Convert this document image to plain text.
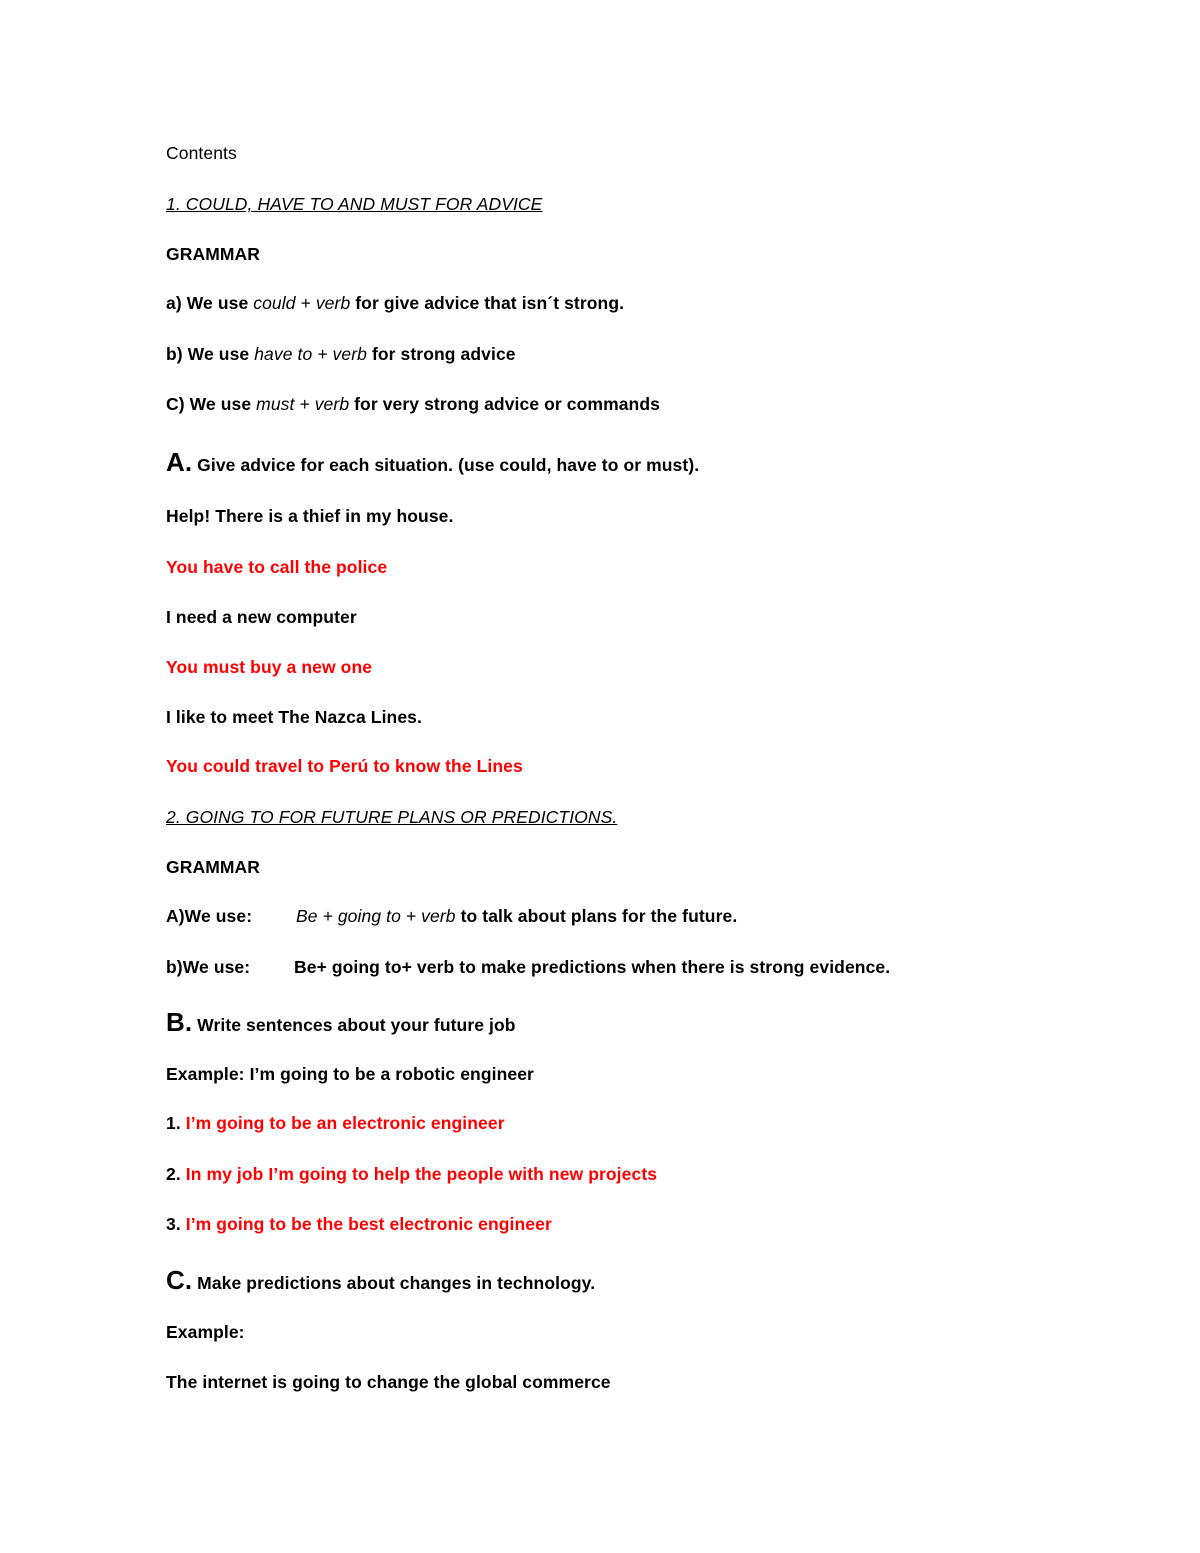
Contents
1. COULD, HAVE TO AND MUST FOR ADVICE
GRAMMAR
a) We use could + verb for give advice that isn´t strong.
b) We use have to + verb for strong advice
C) We use must + verb for very strong advice or commands
A. Give advice for each situation. (use could, have to or must).
Help! There is a thief in my house.
You have to call the police
I need a new computer
You must buy a new one
I like to meet The Nazca Lines.
You could travel to Perú to know the Lines
2. GOING TO FOR FUTURE PLANS OR PREDICTIONS.
GRAMMAR
A)We use:	Be + going to + verb to talk about plans for the future.
b)We use:	Be+ going to+ verb to make predictions when there is strong evidence.
B. Write sentences about your future job
Example: I’m going to be a robotic engineer
1. I’m going to be an electronic engineer
2. In my job I’m going to help the people with new projects
3. I’m going to be the best electronic engineer
C. Make predictions about changes in technology.
Example:
The internet is going to change the global commerce
